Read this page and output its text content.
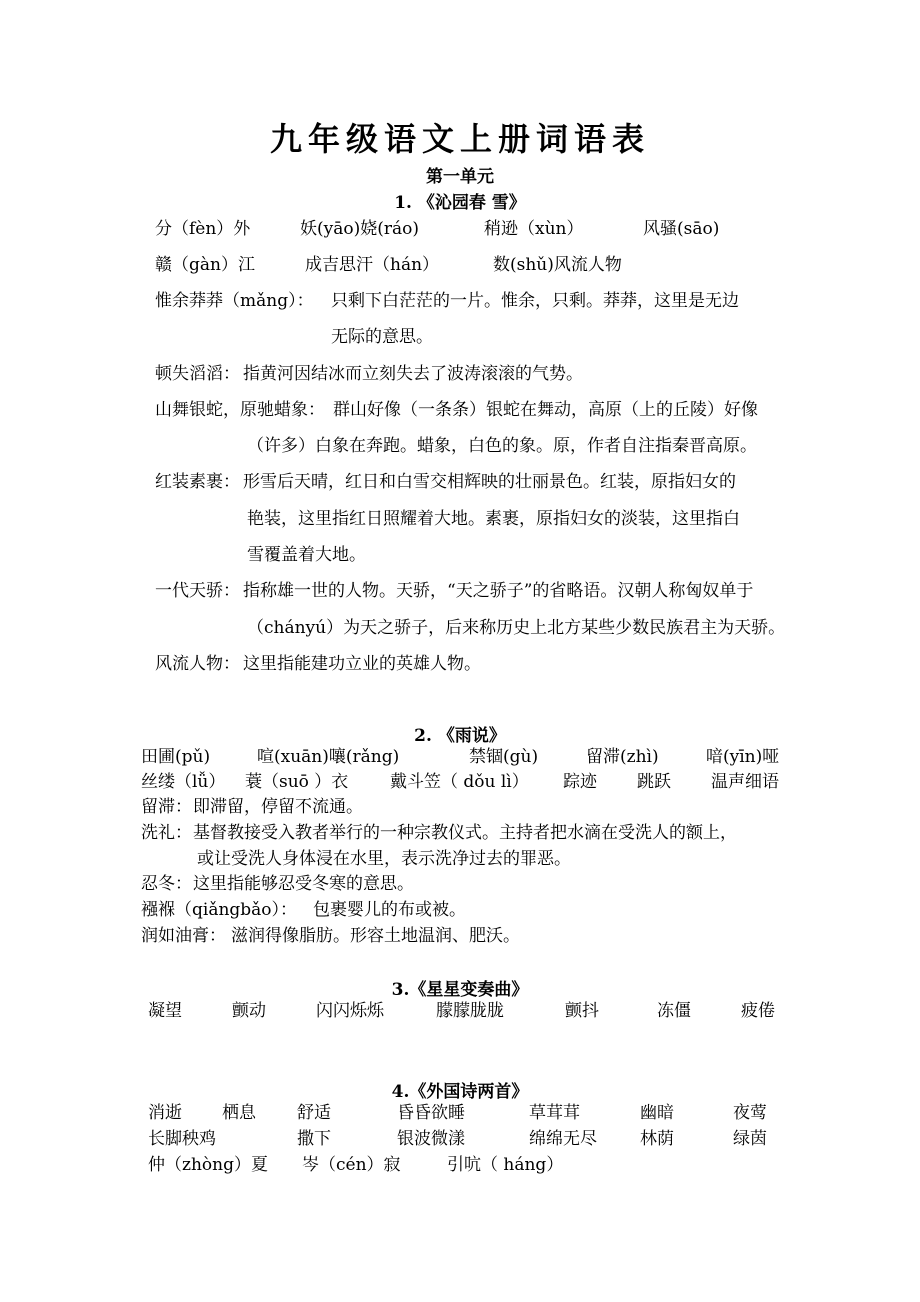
九年级语文上册词语表
第一单元
1. 《沁园春 雪》
分（fèn）外	妖(yāo)娆(ráo)	稍逊（xùn）	风骚(sāo)
赣（gàn）江	成吉思汗（hán）	数(shǔ)风流人物
惟余莽莽（mǎng）： 只剩下白茫茫的一片。惟余，只剩。莽莽，这里是无边
无际的意思。
顿失滔滔： 指黄河因结冰而立刻失去了波涛滚滚的气势。
山舞银蛇，原驰蜡象： 群山好像（一条条）银蛇在舞动，高原（上的丘陵）好像
（许多）白象在奔跑。蜡象，白色的象。原，作者自注指秦晋高原。
红装素裹： 形雪后天晴，红日和白雪交相辉映的壮丽景色。红装，原指妇女的
艳装，这里指红日照耀着大地。素裹，原指妇女的淡装，这里指白
雪覆盖着大地。
一代天骄： 指称雄一世的人物。天骄，“天之骄子”的省略语。汉朝人称匈奴单于
（chányú）为天之骄子，后来称历史上北方某些少数民族君主为天骄。
风流人物： 这里指能建功立业的英雄人物。
2. 《雨说》
田圃(pǔ)	喧(xuān)嚷(rǎng)	禁锢(gù)	留滞(zhì)	喑(yīn)哑
丝缕（lǚ） 蓑（suō ）衣 戴斗笠（ dǒu lì） 踪迹 跳跃 温声细语
留滞： 即滞留，停留不流通。
洗礼： 基督教接受入教者举行的一种宗教仪式。主持者把水滴在受洗人的额上，
或让受洗人身体浸在水里，表示洗净过去的罪恶。
忍冬： 这里指能够忍受冬寒的意思。
襁褓（qiǎngbǎo）： 包裹婴儿的布或被。
润如油膏： 滋润得像脂肪。形容土地温润、肥沃。
3.《星星变奏曲》
凝望	颤动	闪闪烁烁	朦朦胧胧	颤抖	冻僵	疲倦
4.《外国诗两首》
消逝 栖息 舒适	昏昏欲睡	草茸茸	幽暗	夜莺
长脚秧鸡	撒下	银波微漾	绵绵无尽	林荫	绿茵
仲（zhòng）夏 岑（cén）寂	引吭（ háng）
